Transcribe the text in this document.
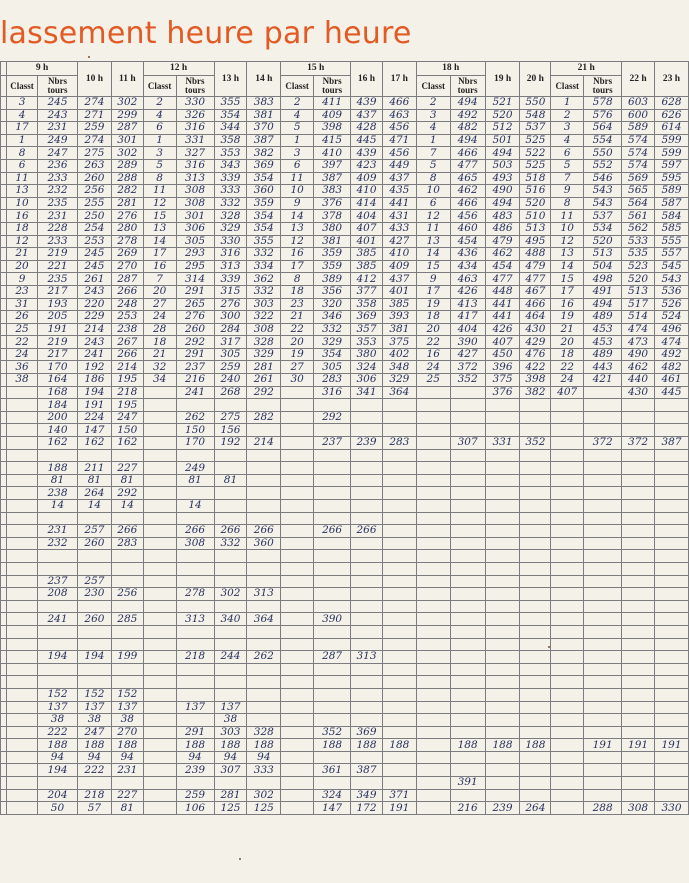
lassement heure par heure
	9 h		10 h	11 h	12 h		13 h	14 h	15 h		16 h	17 h	18 h		19 h	20 h	21 h		22 h	23 h
	Classt	Nbrs tours			Classt	Nbrs tours			Classt	Nbrs tours			Classt	Nbrs tours			Classt	Nbrs tours		
	3	245	274	302	2	330	355	383	2	411	439	466	2	494	521	550	1	578	603	628
	4	243	271	299	4	326	354	381	4	409	437	463	3	492	520	548	2	576	600	626
	17	231	259	287	6	316	344	370	5	398	428	456	4	482	512	537	3	564	589	614
	1	249	274	301	1	331	358	387	1	415	445	471	1	494	501	525	4	554	574	599
	8	247	275	302	3	327	353	382	3	410	439	456	7	466	494	522	6	550	574	599
	6	236	263	289	5	316	343	369	6	397	423	449	5	477	503	525	5	552	574	597
	11	233	260	288	8	313	339	354	11	387	409	437	8	465	493	518	7	546	569	595
	13	232	256	282	11	308	333	360	10	383	410	435	10	462	490	516	9	543	565	589
	10	235	255	281	12	308	332	359	9	376	414	441	6	466	494	520	8	543	564	587
	16	231	250	276	15	301	328	354	14	378	404	431	12	456	483	510	11	537	561	584
	18	228	254	280	13	306	329	354	13	380	407	433	11	460	486	513	10	534	562	585
	12	233	253	278	14	305	330	355	12	381	401	427	13	454	479	495	12	520	533	555
	21	219	245	269	17	293	316	332	16	359	385	410	14	436	462	488	13	513	535	557
	20	221	245	270	16	295	313	334	17	359	385	409	15	434	454	479	14	504	523	545
	9	235	261	287	7	314	339	362	8	389	412	437	9	463	477	477	15	498	520	543
	23	217	243	266	20	291	315	332	18	356	377	401	17	426	448	467	17	491	513	536
	31	193	220	248	27	265	276	303	23	320	358	385	19	413	441	466	16	494	517	526
	26	205	229	253	24	276	300	322	21	346	369	393	18	417	441	464	19	489	514	524
	25	191	214	238	28	260	284	308	22	332	357	381	20	404	426	430	21	453	474	496
	22	219	243	267	18	292	317	328	20	329	353	375	22	390	407	429	20	453	473	474
	24	217	241	266	21	291	305	329	19	354	380	402	16	427	450	476	18	489	490	492
	36	170	192	214	32	237	259	281	27	305	324	348	24	372	396	422	22	443	462	482
	38	164	186	195	34	216	240	261	30	283	306	329	25	352	375	398	24	421	440	461
		168	194	218		241	268	292		316	341	364			376	382	407		430	445
		184	191	195																
		200	224	247		262	275	282		292										
		140	147	150		150	156													
		162	162	162		170	192	214		237	239	283		307	331	352		372	372	387

		188	211	227		249														
		81	81	81		81	81													
		238	264	292																
		14	14	14		14														

		231	257	266		266	266	266		266	266									
		232	260	283		308	332	360												

		237	257																	
		208	230	256		278	302	313												

		241	260	285		313	340	364		390										

		194	194	199		218	244	262		287	313									

		152	152	152																
		137	137	137		137	137													
		38	38	38			38													
		222	247	270		291	303	328		352	369									
		188	188	188		188	188	188		188	188	188		188	188	188		191	191	191
		94	94	94		94	94	94												
		194	222	231		239	307	333		361	387									
														391						
		204	218	227		259	281	302		324	349	371								
		50	57	81		106	125	125		147	172	191		216	239	264		288	308	330
